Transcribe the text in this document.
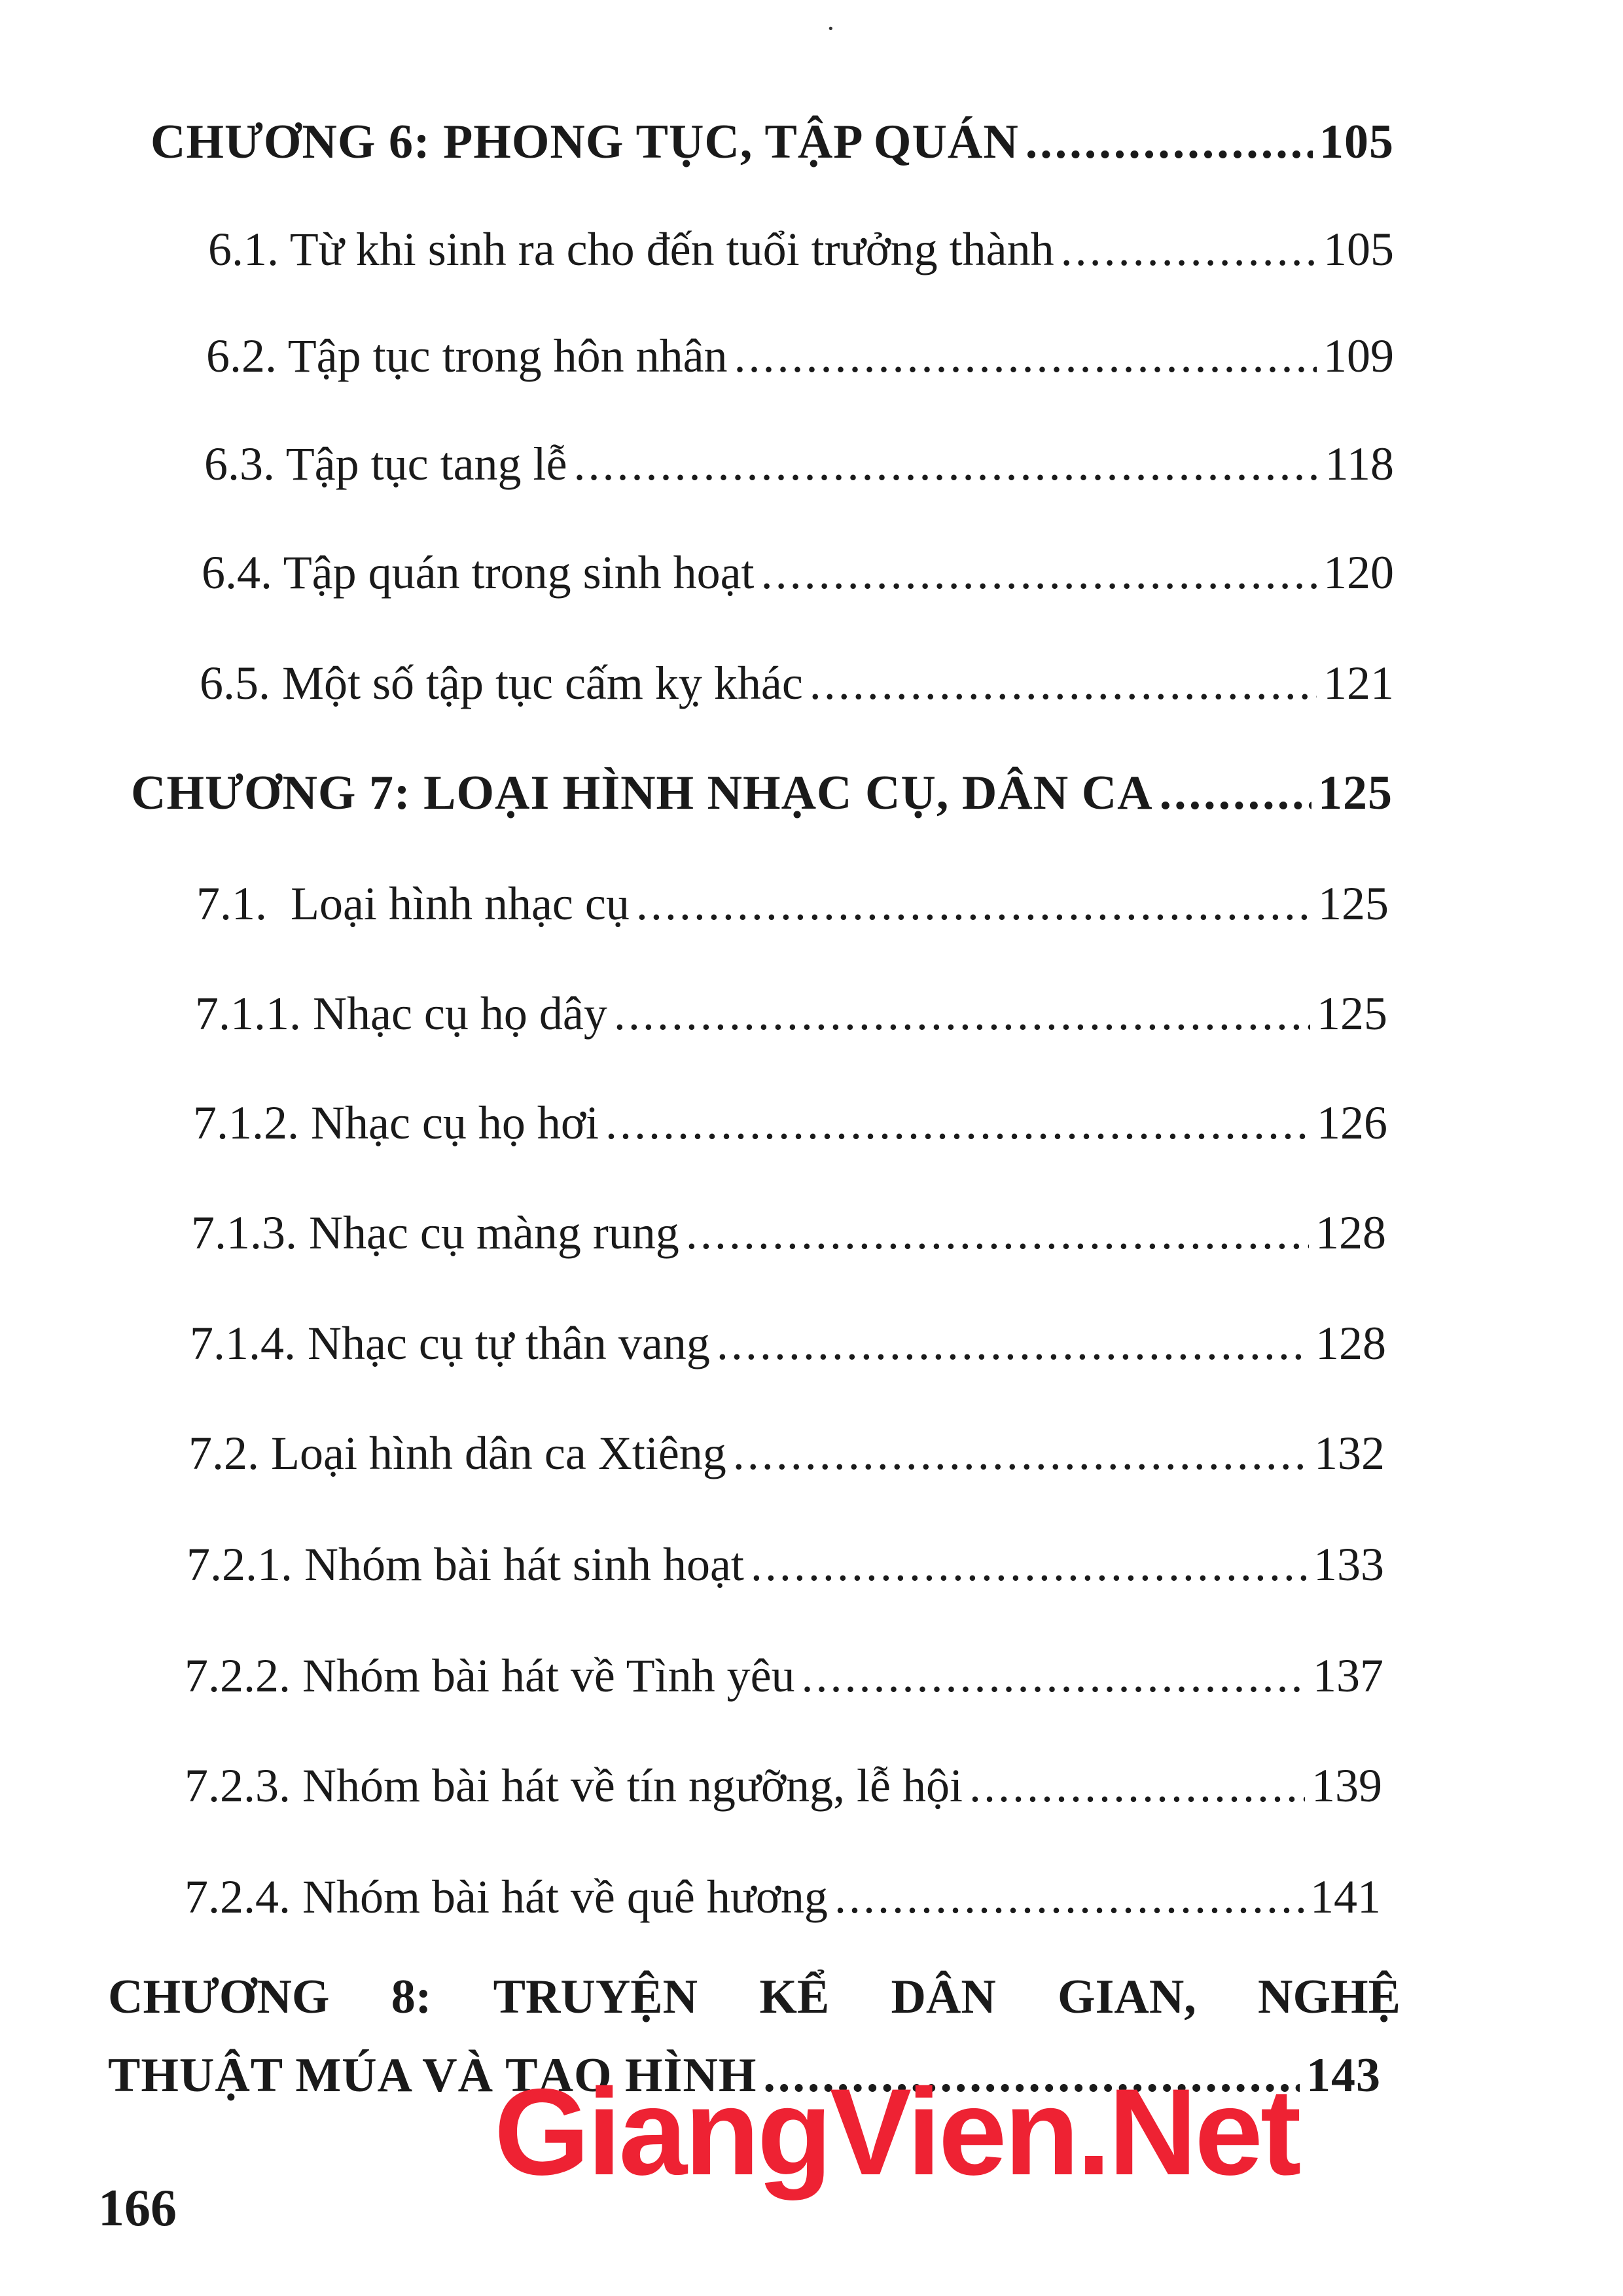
·
CHƯƠNG 6: PHONG TỤC, TẬP QUÁN .....	105
6.1. Từ khi sinh ra cho đến tuổi trưởng thành .....	105
6.2. Tập tục trong hôn nhân .....	109
6.3. Tập tục tang lễ .....	118
6.4. Tập quán trong sinh hoạt .....	120
6.5. Một số tập tục cấm kỵ khác .....	121
CHƯƠNG 7: LOẠI HÌNH NHẠC CỤ, DÂN CA .....	125
7.1.  Loại hình nhạc cụ .....	125
7.1.1. Nhạc cụ họ dây .....	125
7.1.2. Nhạc cụ họ hơi .....	126
7.1.3. Nhạc cụ màng rung .....	128
7.1.4. Nhạc cụ tự thân vang .....	128
7.2. Loại hình dân ca Xtiêng .....	132
7.2.1. Nhóm bài hát sinh hoạt .....	133
7.2.2. Nhóm bài hát về Tình yêu .....	137
7.2.3. Nhóm bài hát về tín ngưỡng, lễ hội .....	139
7.2.4. Nhóm bài hát về quê hương .....	141
CHƯƠNG 8: TRUYỆN KỂ DÂN GIAN, NGHỆ
THUẬT MÚA VÀ TẠO HÌNH .....	143
166
GiangVien.Net
